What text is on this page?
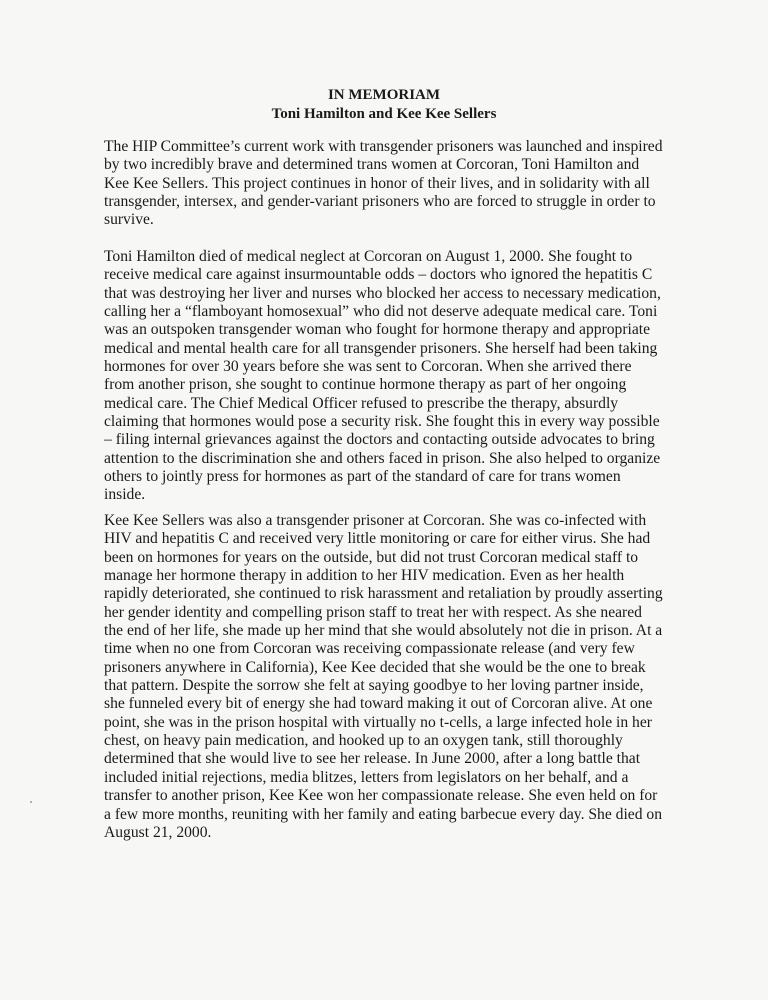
IN MEMORIAM
Toni Hamilton and Kee Kee Sellers

The HIP Committee’s current work with transgender prisoners was launched and inspired by two incredibly brave and determined trans women at Corcoran, Toni Hamilton and Kee Kee Sellers. This project continues in honor of their lives, and in solidarity with all transgender, intersex, and gender-variant prisoners who are forced to struggle in order to survive.

Toni Hamilton died of medical neglect at Corcoran on August 1, 2000. She fought to receive medical care against insurmountable odds – doctors who ignored the hepatitis C that was destroying her liver and nurses who blocked her access to necessary medication, calling her a “flamboyant homosexual” who did not deserve adequate medical care. Toni was an outspoken transgender woman who fought for hormone therapy and appropriate medical and mental health care for all transgender prisoners. She herself had been taking hormones for over 30 years before she was sent to Corcoran. When she arrived there from another prison, she sought to continue hormone therapy as part of her ongoing medical care. The Chief Medical Officer refused to prescribe the therapy, absurdly claiming that hormones would pose a security risk. She fought this in every way possible – filing internal grievances against the doctors and contacting outside advocates to bring attention to the discrimination she and others faced in prison. She also helped to organize others to jointly press for hormones as part of the standard of care for trans women inside.

Kee Kee Sellers was also a transgender prisoner at Corcoran. She was co-infected with HIV and hepatitis C and received very little monitoring or care for either virus. She had been on hormones for years on the outside, but did not trust Corcoran medical staff to manage her hormone therapy in addition to her HIV medication. Even as her health rapidly deteriorated, she continued to risk harassment and retaliation by proudly asserting her gender identity and compelling prison staff to treat her with respect. As she neared the end of her life, she made up her mind that she would absolutely not die in prison. At a time when no one from Corcoran was receiving compassionate release (and very few prisoners anywhere in California), Kee Kee decided that she would be the one to break that pattern. Despite the sorrow she felt at saying goodbye to her loving partner inside, she funneled every bit of energy she had toward making it out of Corcoran alive. At one point, she was in the prison hospital with virtually no t-cells, a large infected hole in her chest, on heavy pain medication, and hooked up to an oxygen tank, still thoroughly determined that she would live to see her release. In June 2000, after a long battle that included initial rejections, media blitzes, letters from legislators on her behalf, and a transfer to another prison, Kee Kee won her compassionate release. She even held on for a few more months, reuniting with her family and eating barbecue every day. She died on August 21, 2000.
